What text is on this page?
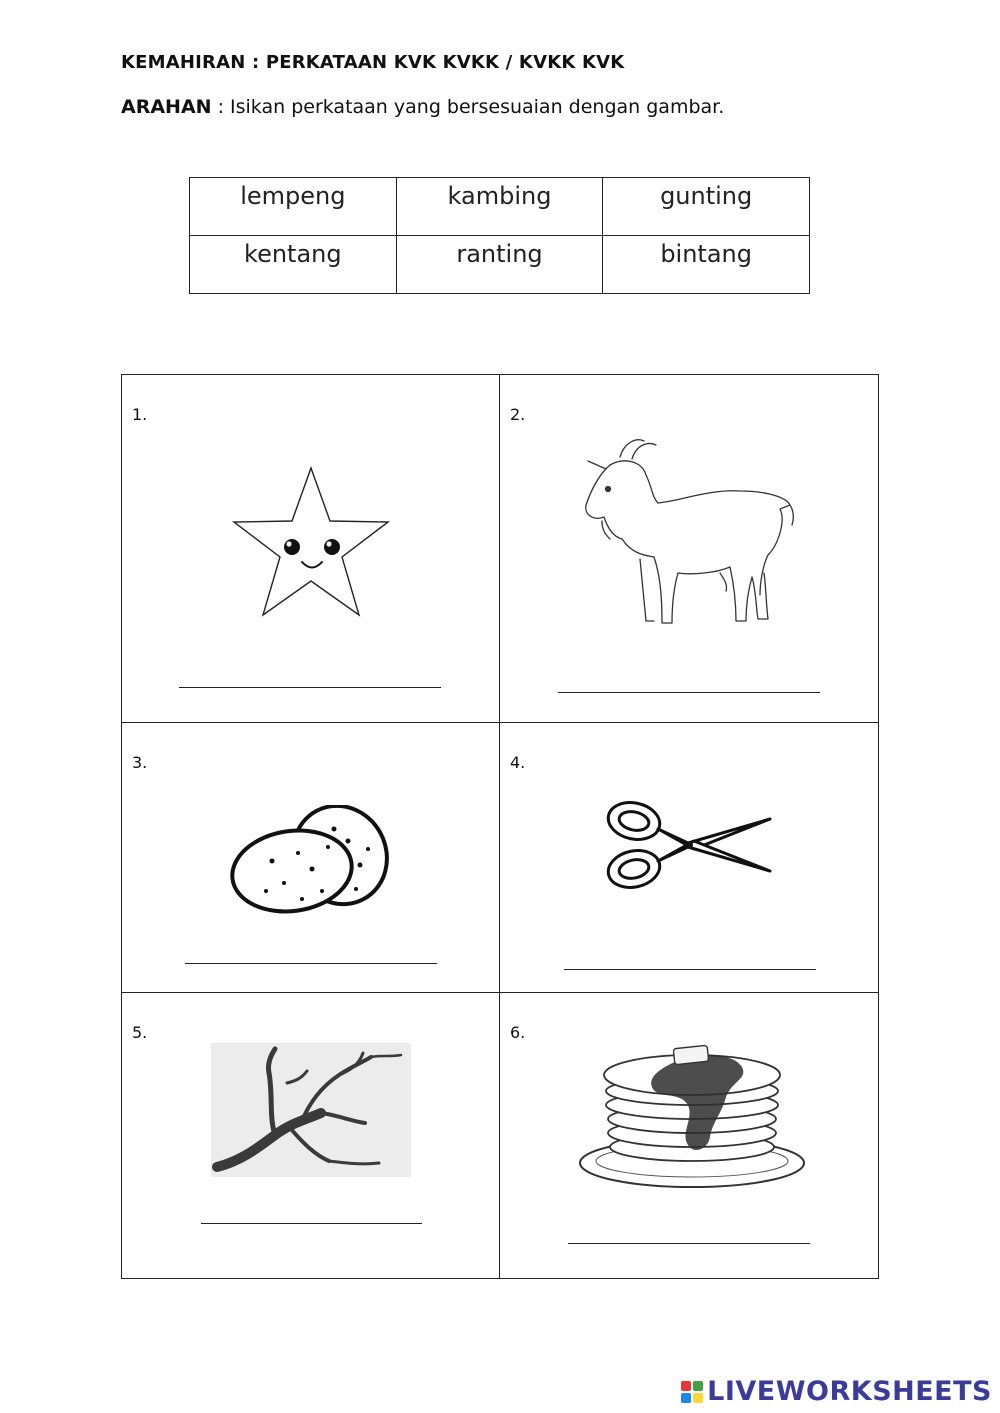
KEMAHIRAN : PERKATAAN KVK KVKK / KVKK KVK
ARAHAN : Isikan perkataan yang bersesuaian dengan gambar.
lempeng	kambing	gunting
kentang	ranting	bintang
1.	2.
3.	4.
5.	6.
LIVEWORKSHEETS
